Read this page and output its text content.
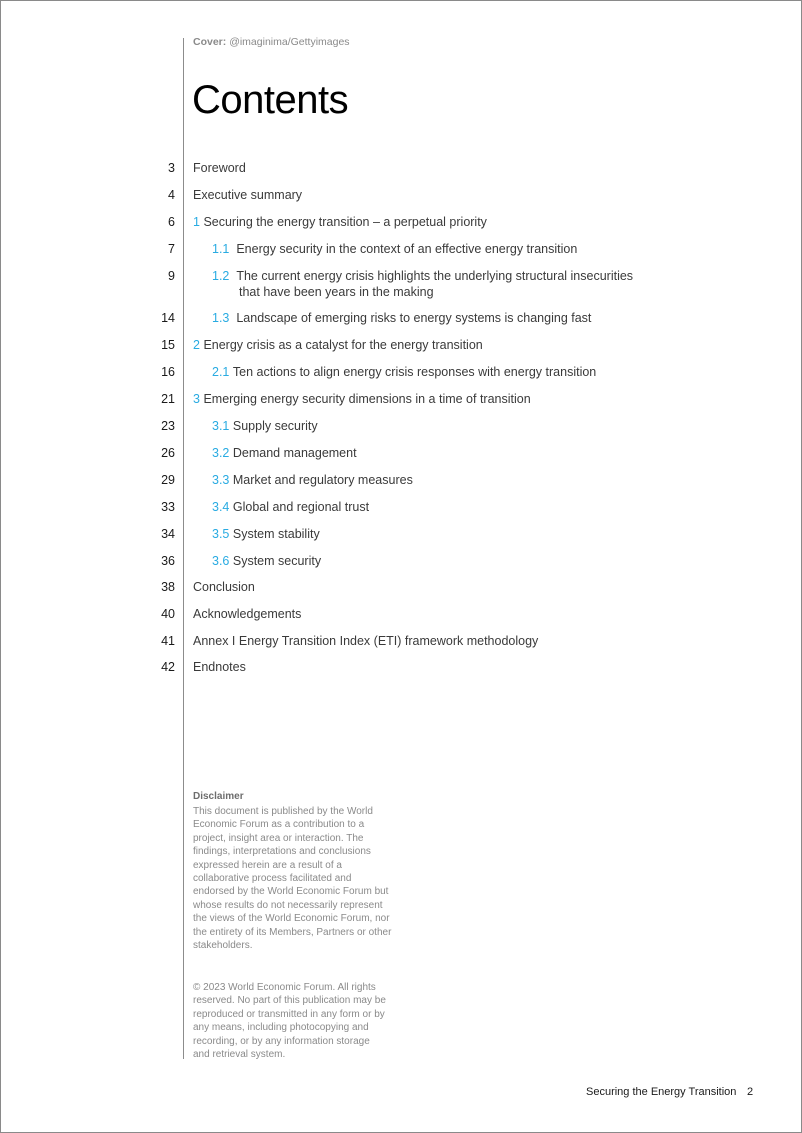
Cover: @imaginima/Gettyimages
Contents
3 Foreword
4 Executive summary
6 1 Securing the energy transition – a perpetual priority
7	1.1 Energy security in the context of an effective energy transition
9	1.2 The current energy crisis highlights the underlying structural insecurities
that have been years in the making
14	1.3 Landscape of emerging risks to energy systems is changing fast
15 2 Energy crisis as a catalyst for the energy transition
16	2.1 Ten actions to align energy crisis responses with energy transition
21 3 Emerging energy security dimensions in a time of transition
23	3.1 Supply security
26	3.2 Demand management
29	3.3 Market and regulatory measures
33	3.4 Global and regional trust
34	3.5 System stability
36	3.6 System security
38 Conclusion
40 Acknowledgements
41 Annex I Energy Transition Index (ETI) framework methodology
42 Endnotes
Disclaimer
This document is published by the World Economic Forum as a contribution to a project, insight area or interaction. The findings, interpretations and conclusions expressed herein are a result of a collaborative process facilitated and endorsed by the World Economic Forum but whose results do not necessarily represent the views of the World Economic Forum, nor the entirety of its Members, Partners or other stakeholders.
© 2023 World Economic Forum. All rights reserved. No part of this publication may be reproduced or transmitted in any form or by any means, including photocopying and recording, or by any information storage and retrieval system.
Securing the Energy Transition 2
